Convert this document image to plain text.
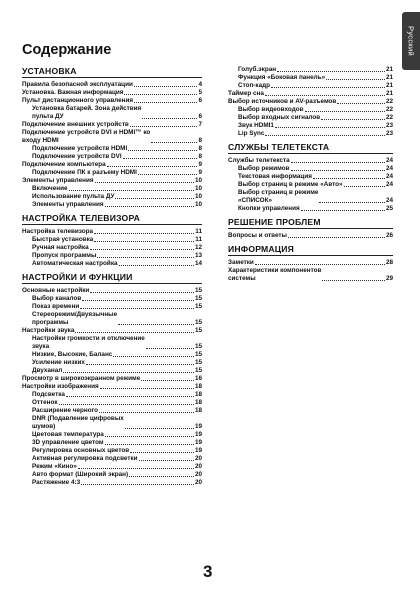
Русский
Содержание
УСТАНОВКА
Правила безопасной эксплуатации	4
Установка. Важная информация	5
Пульт дистанционного управления	6
Установка батарей. Зона действия
пульта ДУ	6
Подключение внешних устройств	7
Подключение устройств DVI и HDMI™ ко
входу HDMI	8
Подключение устройств HDMI	8
Подключение устройств DVI	8
Подключение компьютера	9
Подключение ПК к разъему HDMI	9
Элементы управления	10
Включение	10
Использование пульта ДУ	10
Элементы управления	10
НАСТРОЙКА ТЕЛЕВИЗОРА
Настройка телевизора	11
Быстрая установка	11
Ручная настройка	12
Пропуск программы	13
Автоматическая настройка	14
НАСТРОЙКИ И ФУНКЦИИ
Основные настройки	15
Выбор каналов	15
Показ времени	15
Стереорежим/Двуязычные
программы	15
Настройки звука	15
Настройки громкости и отключение
звука	15
Низкие, Высокие, Баланс	15
Усиление низких	15
Двуханал	15
Просмотр в широкоэкранном режиме	16
Настройки изображения	18
Подсветка	18
Оттенок	18
Расширение черного	18
DNR (Подавление цифровых
шумов)	19
Цветовая температура	19
3D управление цветом	19
Регулировка основных цветов	19
Активная регулировка подсветки	20
Режим «Кино»	20
Авто формат (Широкий экран)	20
Растяжение 4:3	20
Голуб.экран	21
Функция «Боковая панель»	21
Стоп-кадр	21
Таймер сна	21
Выбор источников и AV-разъемов	22
Выбор видеовходов	22
Выбор входных сигналов	22
Звук HDMI1	23
Lip Sync	23
СЛУЖБЫ ТЕЛЕТЕКСТА
Службы телетекста	24
Выбор режимов	24
Текстовая информация	24
Выбор страниц в режиме «Авто»	24
Выбор страниц в режиме
«СПИСОК»	24
Кнопки управления	25
РЕШЕНИЕ ПРОБЛЕМ
Вопросы и ответы	26
ИНФОРМАЦИЯ
Заметки	28
Характеристики компонентов
системы	29

3
